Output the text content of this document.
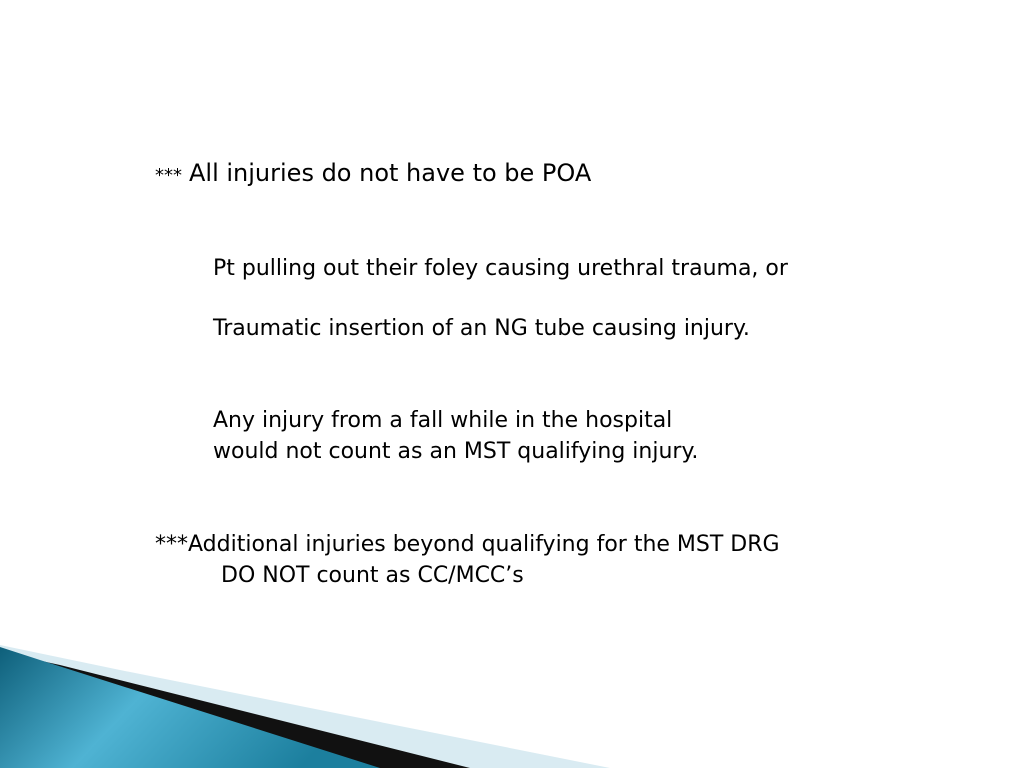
*** All injuries do not have to be POA
Pt pulling out their foley causing urethral trauma, or
Traumatic insertion of an NG tube causing injury.
Any injury from a fall while in the hospital
would not count as an MST qualifying injury.
***Additional injuries beyond qualifying for the MST DRG
DO NOT count as CC/MCC’s
